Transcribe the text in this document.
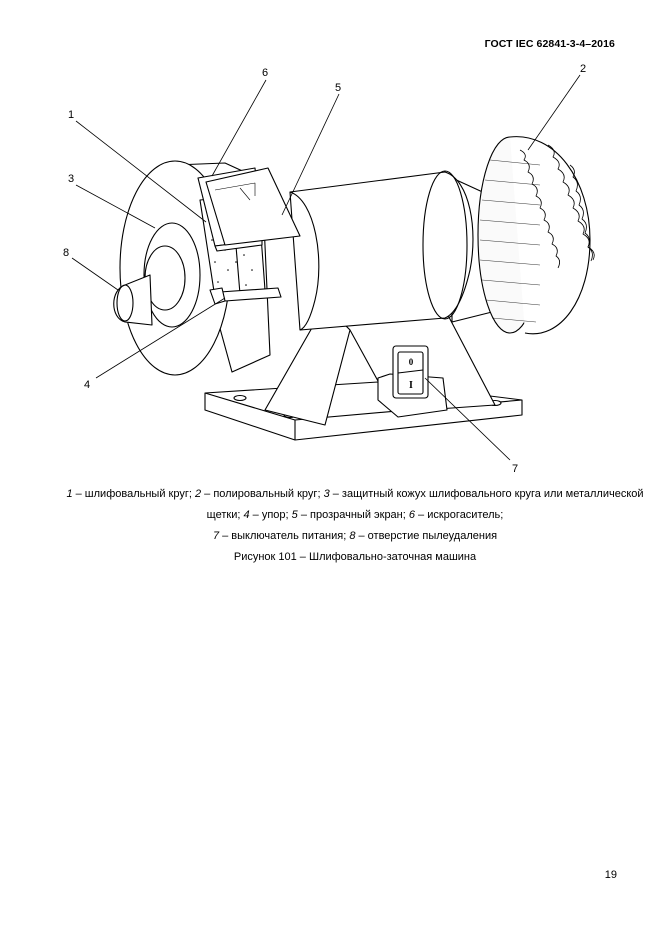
ГОСТ IEC 62841-3-4–2016
0
I
1
2
3
4
5
6
7
8

1 – шлифовальный круг; 2 – полировальный круг; 3 – защитный кожух шлифовального круга или металлической щетки; 4 – упор; 5 – прозрачный экран; 6 – искрогаситель;
7 – выключатель питания; 8 – отверстие пылеудаления

Рисунок 101 – Шлифовально-заточная машина

19
